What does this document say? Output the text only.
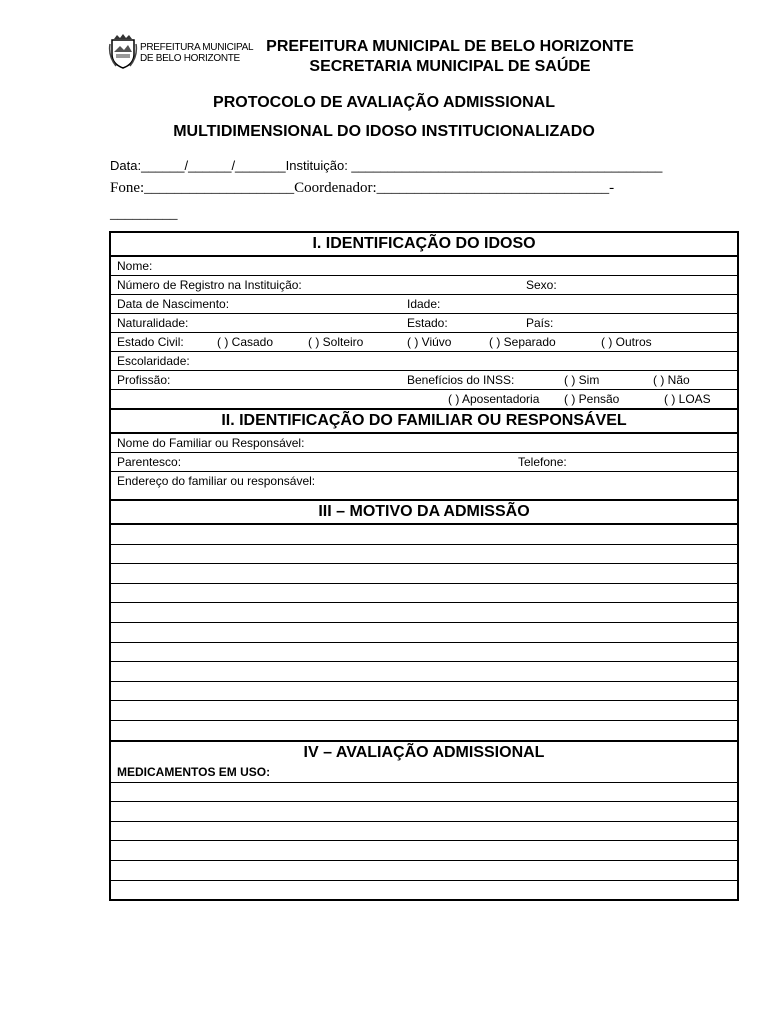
PREFEITURA MUNICIPAL
DE BELO HORIZONTE
PREFEITURA MUNICIPAL DE BELO HORIZONTE
SECRETARIA MUNICIPAL DE SAÚDE
PROTOCOLO DE AVALIAÇÃO ADMISSIONAL
MULTIDIMENSIONAL DO IDOSO INSTITUCIONALIZADO
Data:______/______/_______Instituição: ___________________________________________
Fone:____________________Coordenador:_______________________________-
_________
I. IDENTIFICAÇÃO DO IDOSO
Nome:
Número de Registro na Instituição:	Sexo:
Data de Nascimento:	Idade:
Naturalidade:	Estado:	País:
Estado Civil:	( ) Casado	( ) Solteiro	( ) Viúvo	( ) Separado	( ) Outros
Escolaridade:
Profissão:	Benefícios do INSS:	( ) Sim	( ) Não
( ) Aposentadoria ( ) Pensão	( ) LOAS
II. IDENTIFICAÇÃO DO FAMILIAR OU RESPONSÁVEL
Nome do Familiar ou Responsável:
Parentesco:	Telefone:
Endereço do familiar ou responsável:
III – MOTIVO DA ADMISSÃO
IV – AVALIAÇÃO ADMISSIONAL
MEDICAMENTOS EM USO:
